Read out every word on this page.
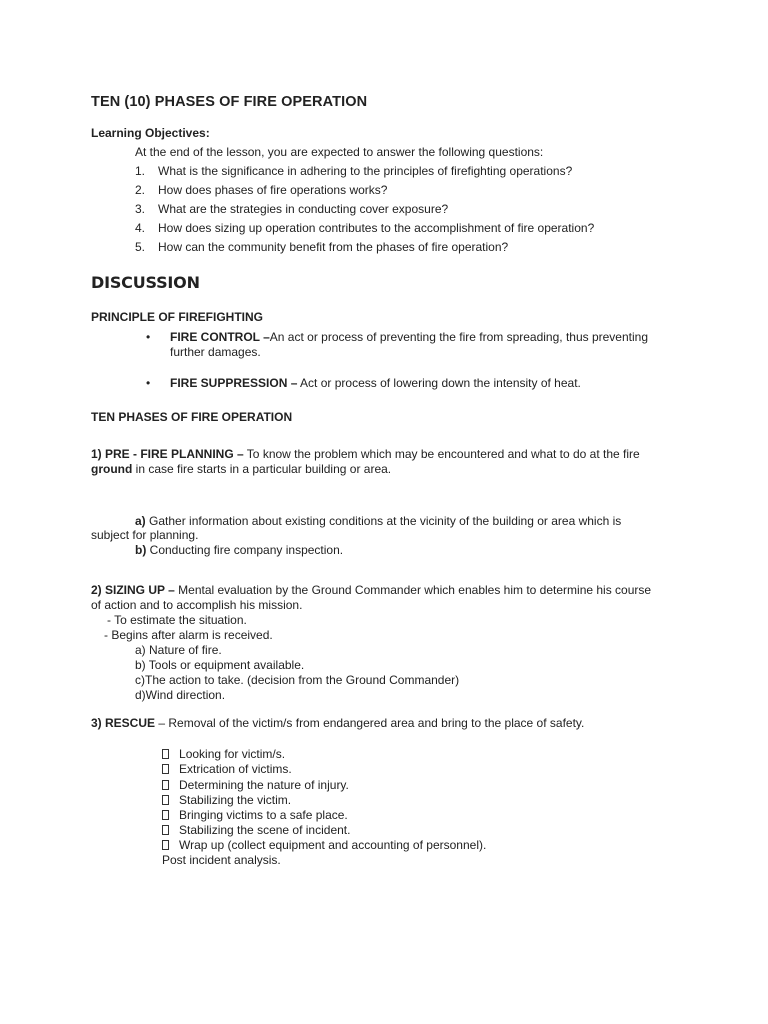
TEN (10) PHASES OF FIRE OPERATION
Learning Objectives:
At the end of the lesson, you are expected to answer the following questions:
1. What is the significance in adhering to the principles of firefighting operations?
2. How does phases of fire operations works?
3. What are the strategies in conducting cover exposure?
4. How does sizing up operation contributes to the accomplishment of fire operation?
5. How can the community benefit from the phases of fire operation?
DISCUSSION
PRINCIPLE OF FIREFIGHTING
• FIRE CONTROL –An act or process of preventing the fire from spreading, thus preventing
further damages.
• FIRE SUPPRESSION – Act or process of lowering down the intensity of heat.
TEN PHASES OF FIRE OPERATION
1) PRE - FIRE PLANNING – To know the problem which may be encountered and what to do at the fire
ground in case fire starts in a particular building or area.
a) Gather information about existing conditions at the vicinity of the building or area which is
subject for planning.
b) Conducting fire company inspection.
2) SIZING UP – Mental evaluation by the Ground Commander which enables him to determine his course
of action and to accomplish his mission.
- To estimate the situation.
- Begins after alarm is received.
a) Nature of fire.
b) Tools or equipment available.
c)The action to take. (decision from the Ground Commander)
d)Wind direction.
3) RESCUE – Removal of the victim/s from endangered area and bring to the place of safety.
Looking for victim/s.
Extrication of victims.
Determining the nature of injury.
Stabilizing the victim.
Bringing victims to a safe place.
Stabilizing the scene of incident.
Wrap up (collect equipment and accounting of personnel).
Post incident analysis.
